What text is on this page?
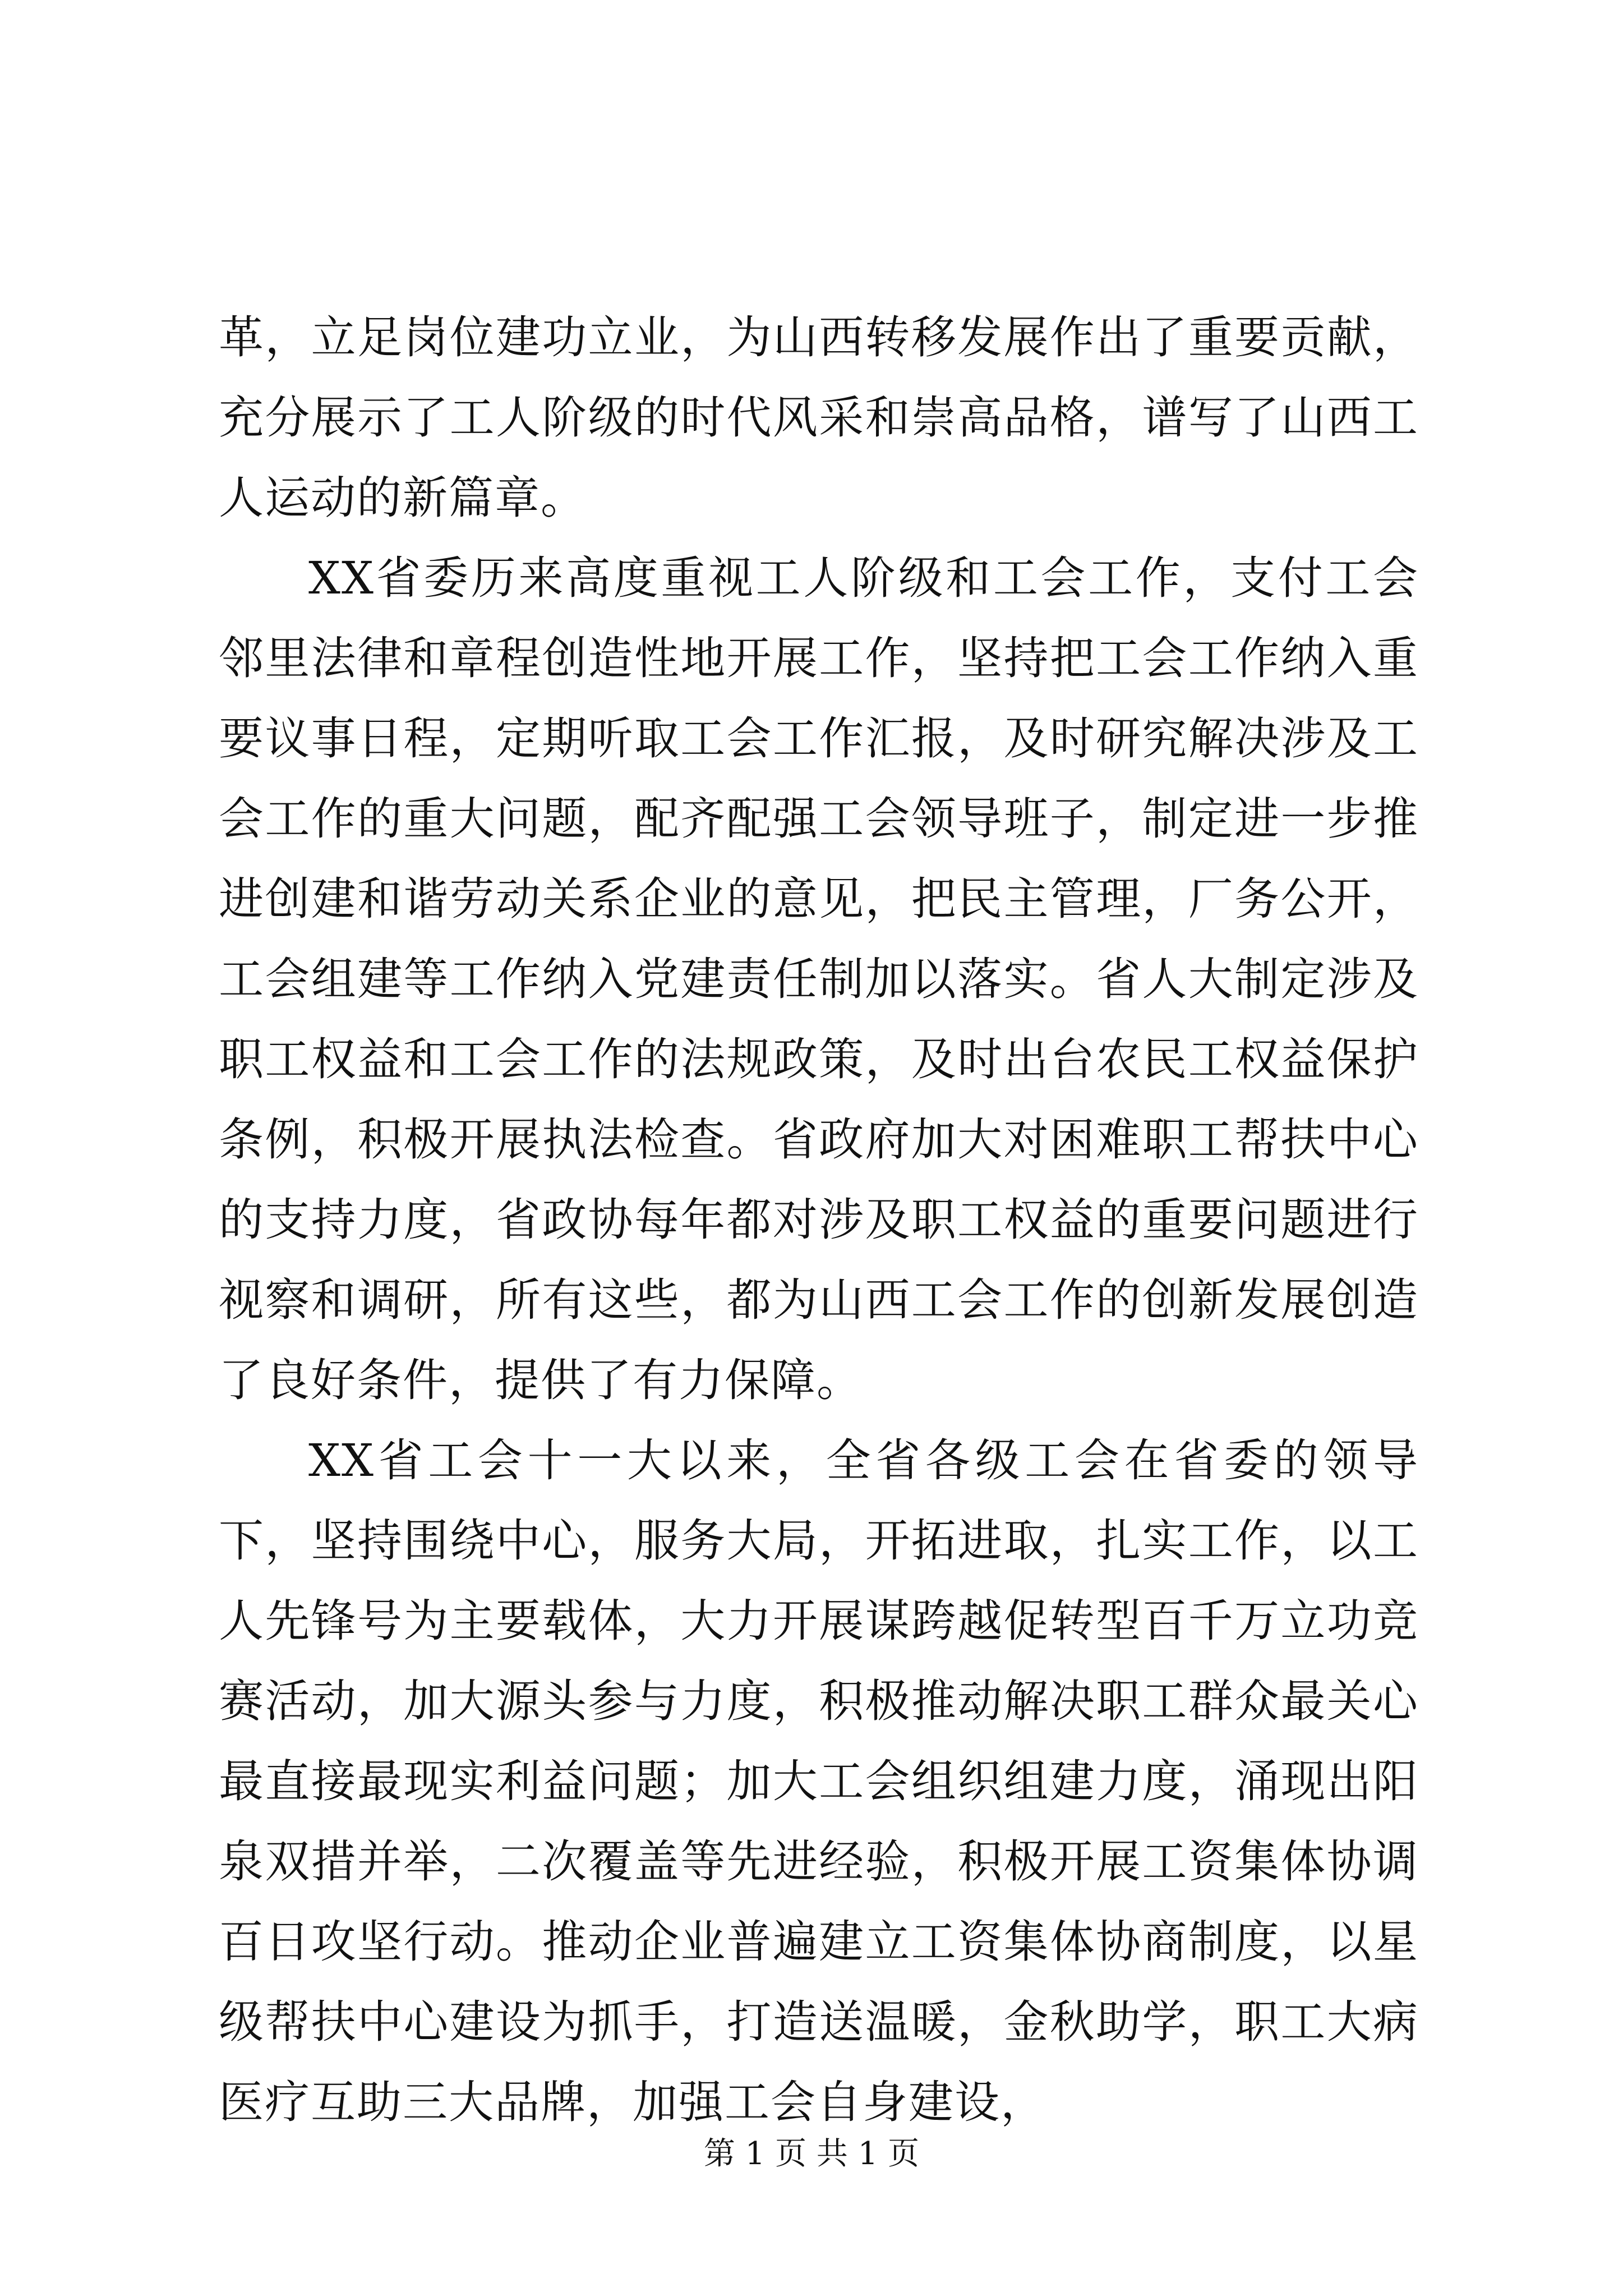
革，立足岗位建功立业，为山西转移发展作出了重要贡献，充分展示了工人阶级的时代风采和崇高品格，谱写了山西工人运动的新篇章。

XX省委历来高度重视工人阶级和工会工作，支付工会邻里法律和章程创造性地开展工作，坚持把工会工作纳入重要议事日程，定期听取工会工作汇报，及时研究解决涉及工会工作的重大问题，配齐配强工会领导班子，制定进一步推进创建和谐劳动关系企业的意见，把民主管理，厂务公开，工会组建等工作纳入党建责任制加以落实。省人大制定涉及职工权益和工会工作的法规政策，及时出台农民工权益保护条例，积极开展执法检查。省政府加大对困难职工帮扶中心的支持力度，省政协每年都对涉及职工权益的重要问题进行视察和调研，所有这些，都为山西工会工作的创新发展创造了良好条件，提供了有力保障。

XX省工会十一大以来，全省各级工会在省委的领导下，坚持围绕中心，服务大局，开拓进取，扎实工作，以工人先锋号为主要载体，大力开展谋跨越促转型百千万立功竞赛活动，加大源头参与力度，积极推动解决职工群众最关心最直接最现实利益问题；加大工会组织组建力度，涌现出阳泉双措并举，二次覆盖等先进经验，积极开展工资集体协调百日攻坚行动。推动企业普遍建立工资集体协商制度，以星级帮扶中心建设为抓手，打造送温暖，金秋助学，职工大病医疗互助三大品牌，加强工会自身建设，

第 1 页 共 1 页
